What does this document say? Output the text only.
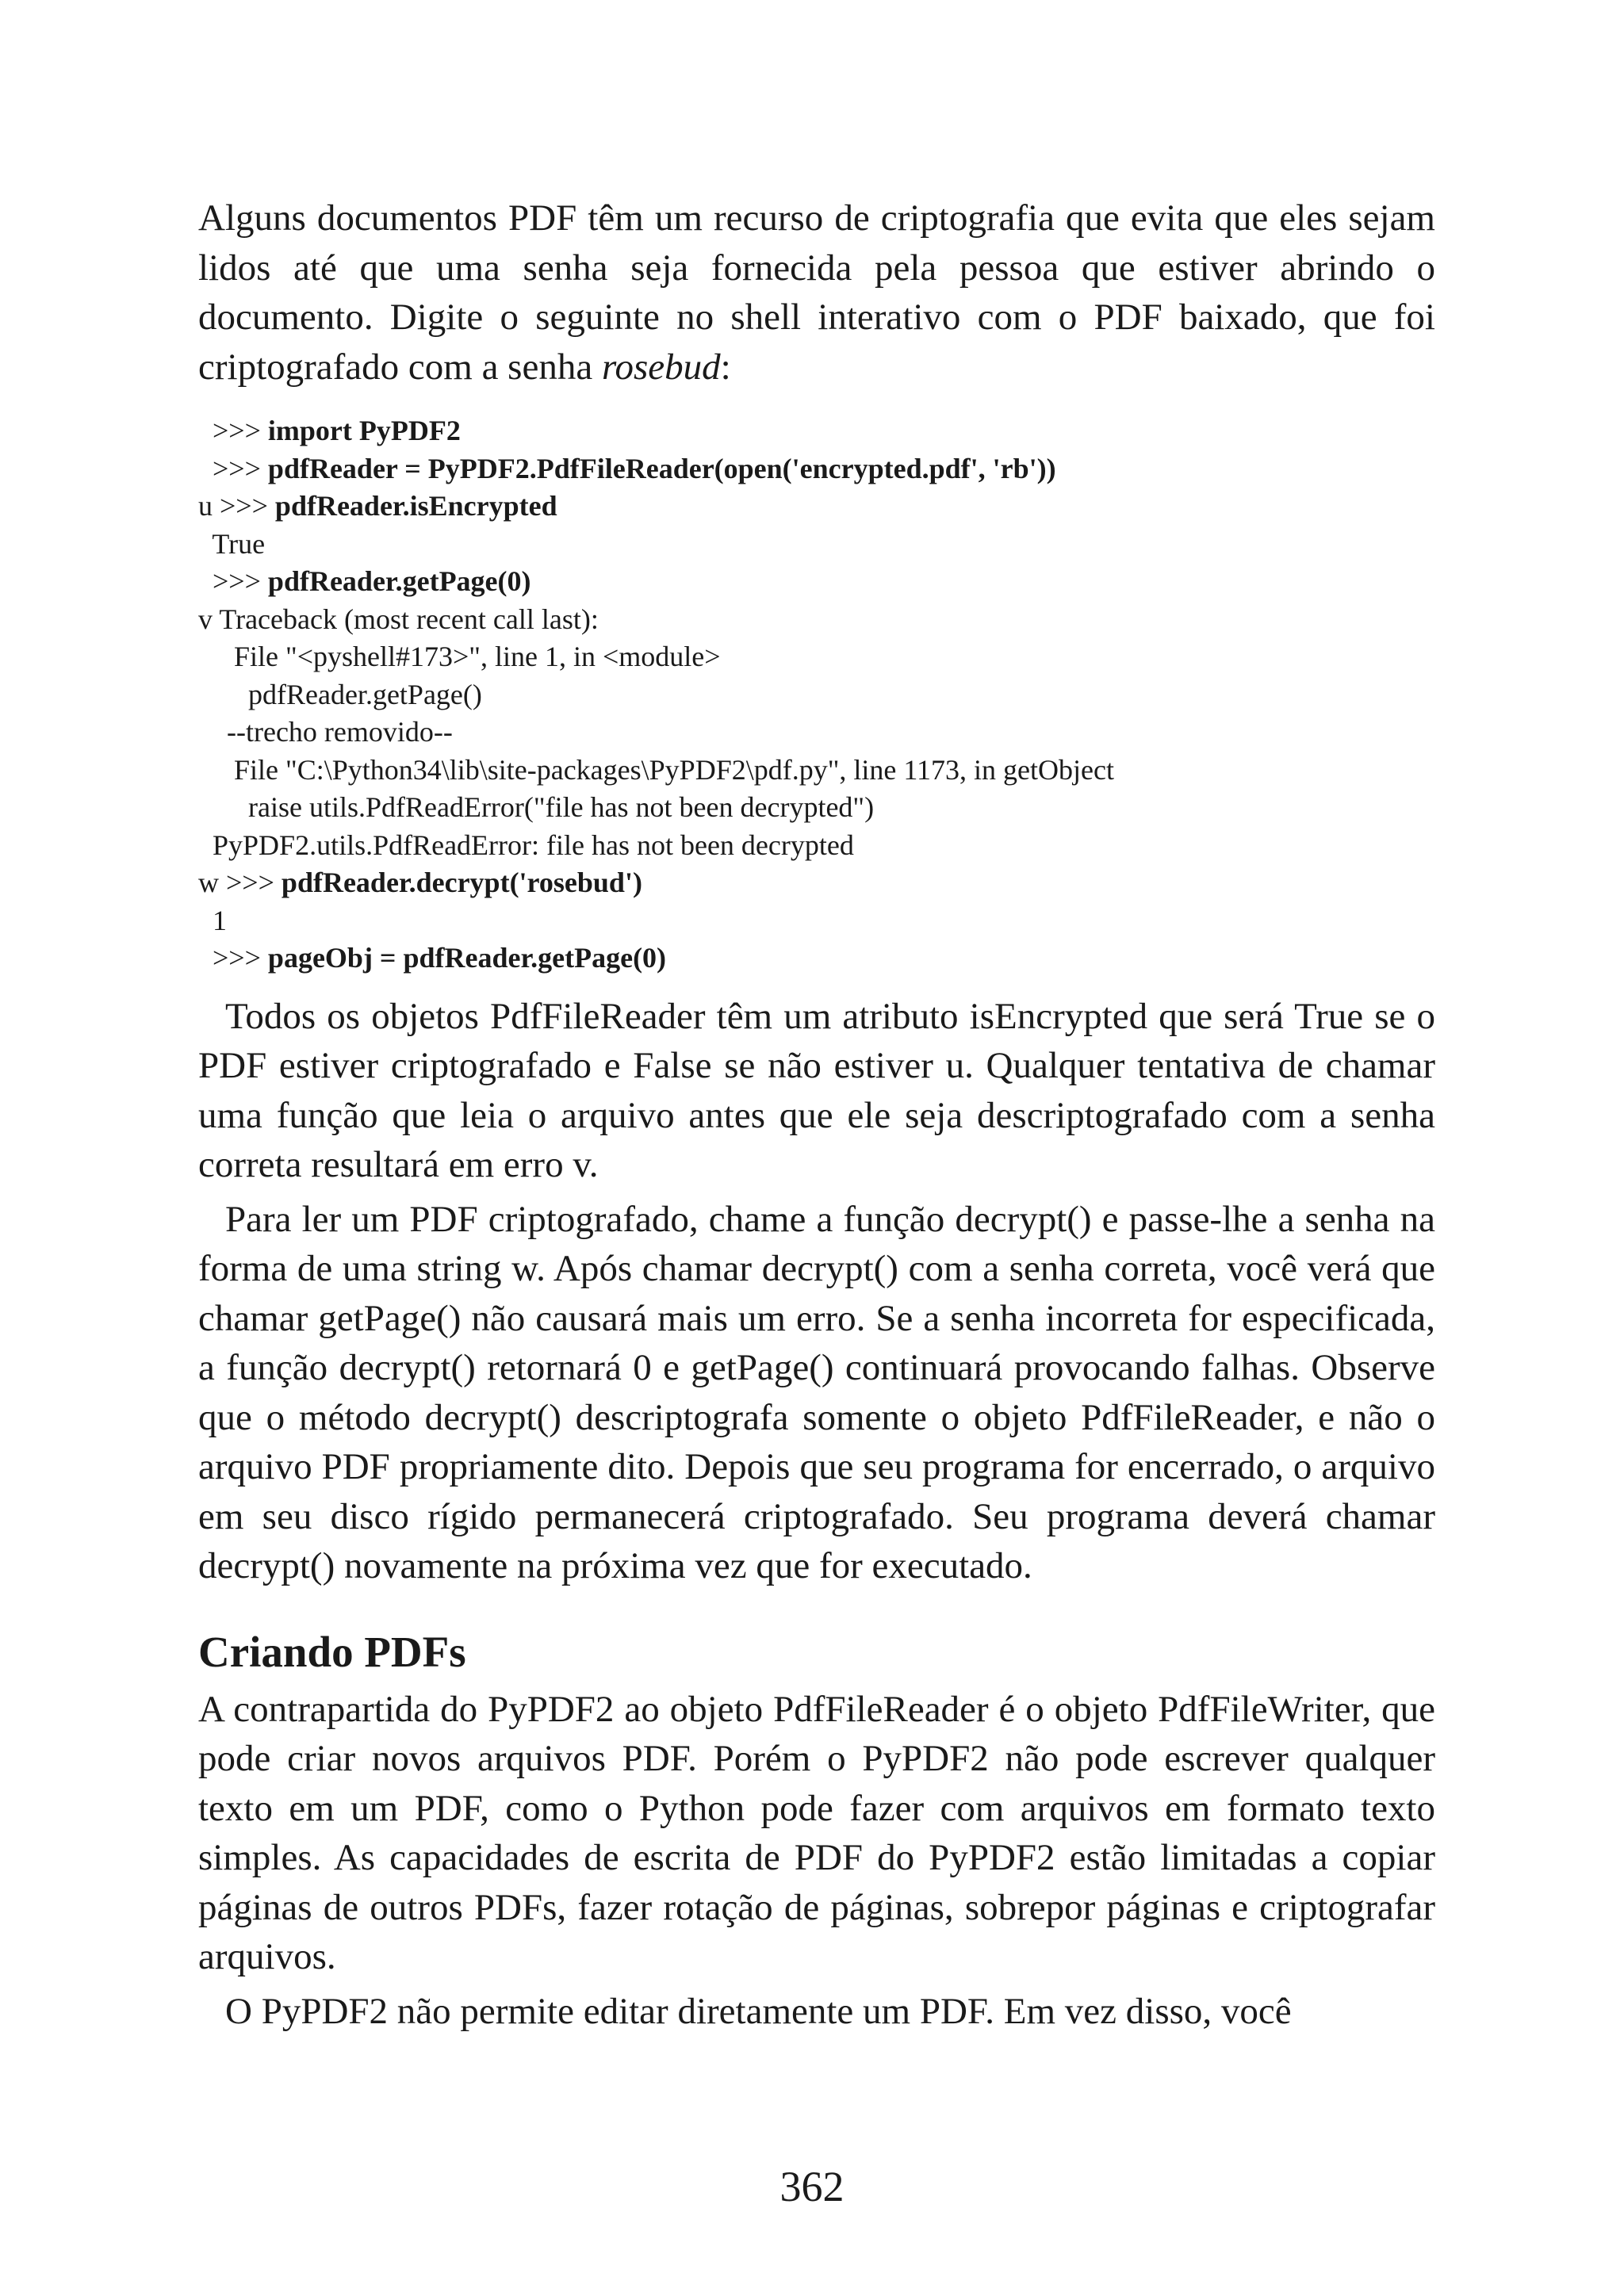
Alguns documentos PDF têm um recurso de criptografia que evita que eles sejam lidos até que uma senha seja fornecida pela pessoa que estiver abrindo o documento. Digite o seguinte no shell interativo com o PDF baixado, que foi criptografado com a senha rosebud:

>>> import PyPDF2
>>> pdfReader = PyPDF2.PdfFileReader(open('encrypted.pdf', 'rb'))
u >>> pdfReader.isEncrypted
True
>>> pdfReader.getPage(0)
v Traceback (most recent call last):
File "<pyshell#173>", line 1, in <module>
pdfReader.getPage()
--trecho removido--
File "C:\Python34\lib\site-packages\PyPDF2\pdf.py", line 1173, in getObject
raise utils.PdfReadError("file has not been decrypted")
PyPDF2.utils.PdfReadError: file has not been decrypted
w >>> pdfReader.decrypt('rosebud')
1
>>> pageObj = pdfReader.getPage(0)

Todos os objetos PdfFileReader têm um atributo isEncrypted que será True se o PDF estiver criptografado e False se não estiver u. Qualquer tentativa de chamar uma função que leia o arquivo antes que ele seja descriptografado com a senha correta resultará em erro v.

Para ler um PDF criptografado, chame a função decrypt() e passe-lhe a senha na forma de uma string w. Após chamar decrypt() com a senha correta, você verá que chamar getPage() não causará mais um erro. Se a senha incorreta for especificada, a função decrypt() retornará 0 e getPage() continuará provocando falhas. Observe que o método decrypt() descriptografa somente o objeto PdfFileReader, e não o arquivo PDF propriamente dito. Depois que seu programa for encerrado, o arquivo em seu disco rígido permanecerá criptografado. Seu programa deverá chamar decrypt() novamente na próxima vez que for executado.

Criando PDFs

A contrapartida do PyPDF2 ao objeto PdfFileReader é o objeto PdfFileWriter, que pode criar novos arquivos PDF. Porém o PyPDF2 não pode escrever qualquer texto em um PDF, como o Python pode fazer com arquivos em formato texto simples. As capacidades de escrita de PDF do PyPDF2 estão limitadas a copiar páginas de outros PDFs, fazer rotação de páginas, sobrepor páginas e criptografar arquivos.

O PyPDF2 não permite editar diretamente um PDF. Em vez disso, você

362
